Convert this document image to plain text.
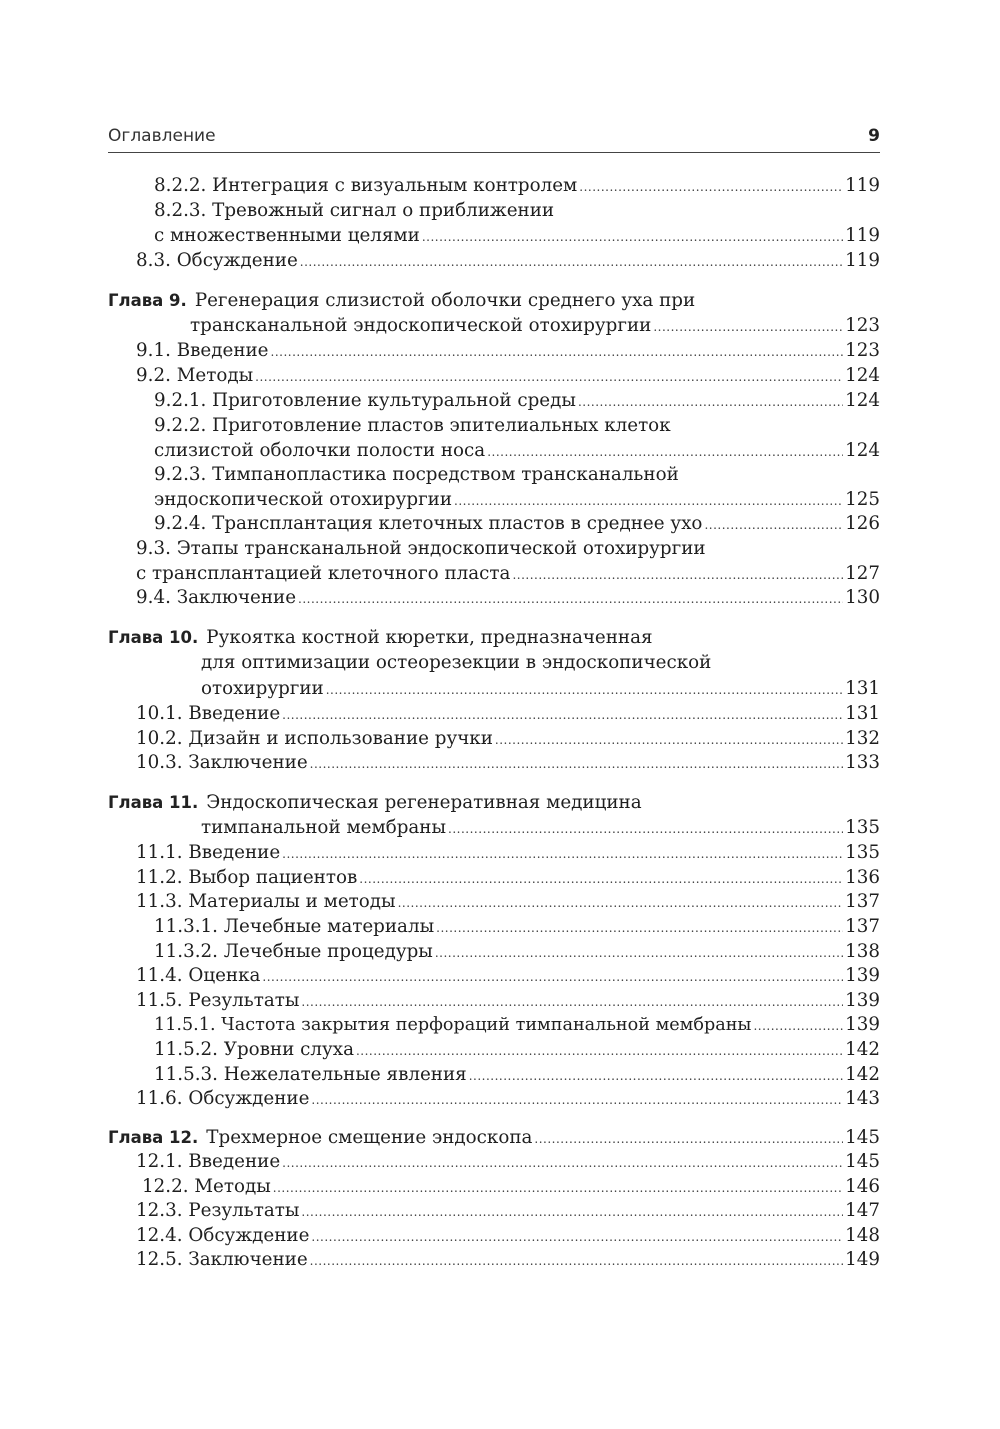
Оглавление	9
8.2.2. Интеграция с визуальным контролем .....	119
8.2.3. Тревожный сигнал о приближении
с множественными целями .....	119
8.3. Обсуждение .....	119
Глава 9. Регенерация слизистой оболочки среднего уха при
трансканальной эндоскопической отохирургии .....	123
9.1. Введение .....	123
9.2. Методы .....	124
9.2.1. Приготовление культуральной среды .....	124
9.2.2. Приготовление пластов эпителиальных клеток
слизистой оболочки полости носа .....	124
9.2.3. Тимпанопластика посредством трансканальной
эндоскопической отохирургии .....	125
9.2.4. Трансплантация клеточных пластов в среднее ухо .....	126
9.3. Этапы трансканальной эндоскопической отохирургии
с трансплантацией клеточного пласта .....	127
9.4. Заключение .....	130
Глава 10. Рукоятка костной кюретки, предназначенная
для оптимизации остеорезекции в эндоскопической
отохирургии .....	131
10.1. Введение .....	131
10.2. Дизайн и использование ручки .....	132
10.3. Заключение .....	133
Глава 11. Эндоскопическая регенеративная медицина
тимпанальной мембраны .....	135
11.1. Введение .....	135
11.2. Выбор пациентов .....	136
11.3. Материалы и методы .....	137
11.3.1. Лечебные материалы .....	137
11.3.2. Лечебные процедуры .....	138
11.4. Оценка .....	139
11.5. Результаты .....	139
11.5.1. Частота закрытия перфораций тимпанальной мембраны .....	139
11.5.2. Уровни слуха .....	142
11.5.3. Нежелательные явления .....	142
11.6. Обсуждение .....	143
Глава 12. Трехмерное смещение эндоскопа .....	145
12.1. Введение .....	145
12.2. Методы .....	146
12.3. Результаты .....	147
12.4. Обсуждение .....	148
12.5. Заключение .....	149
